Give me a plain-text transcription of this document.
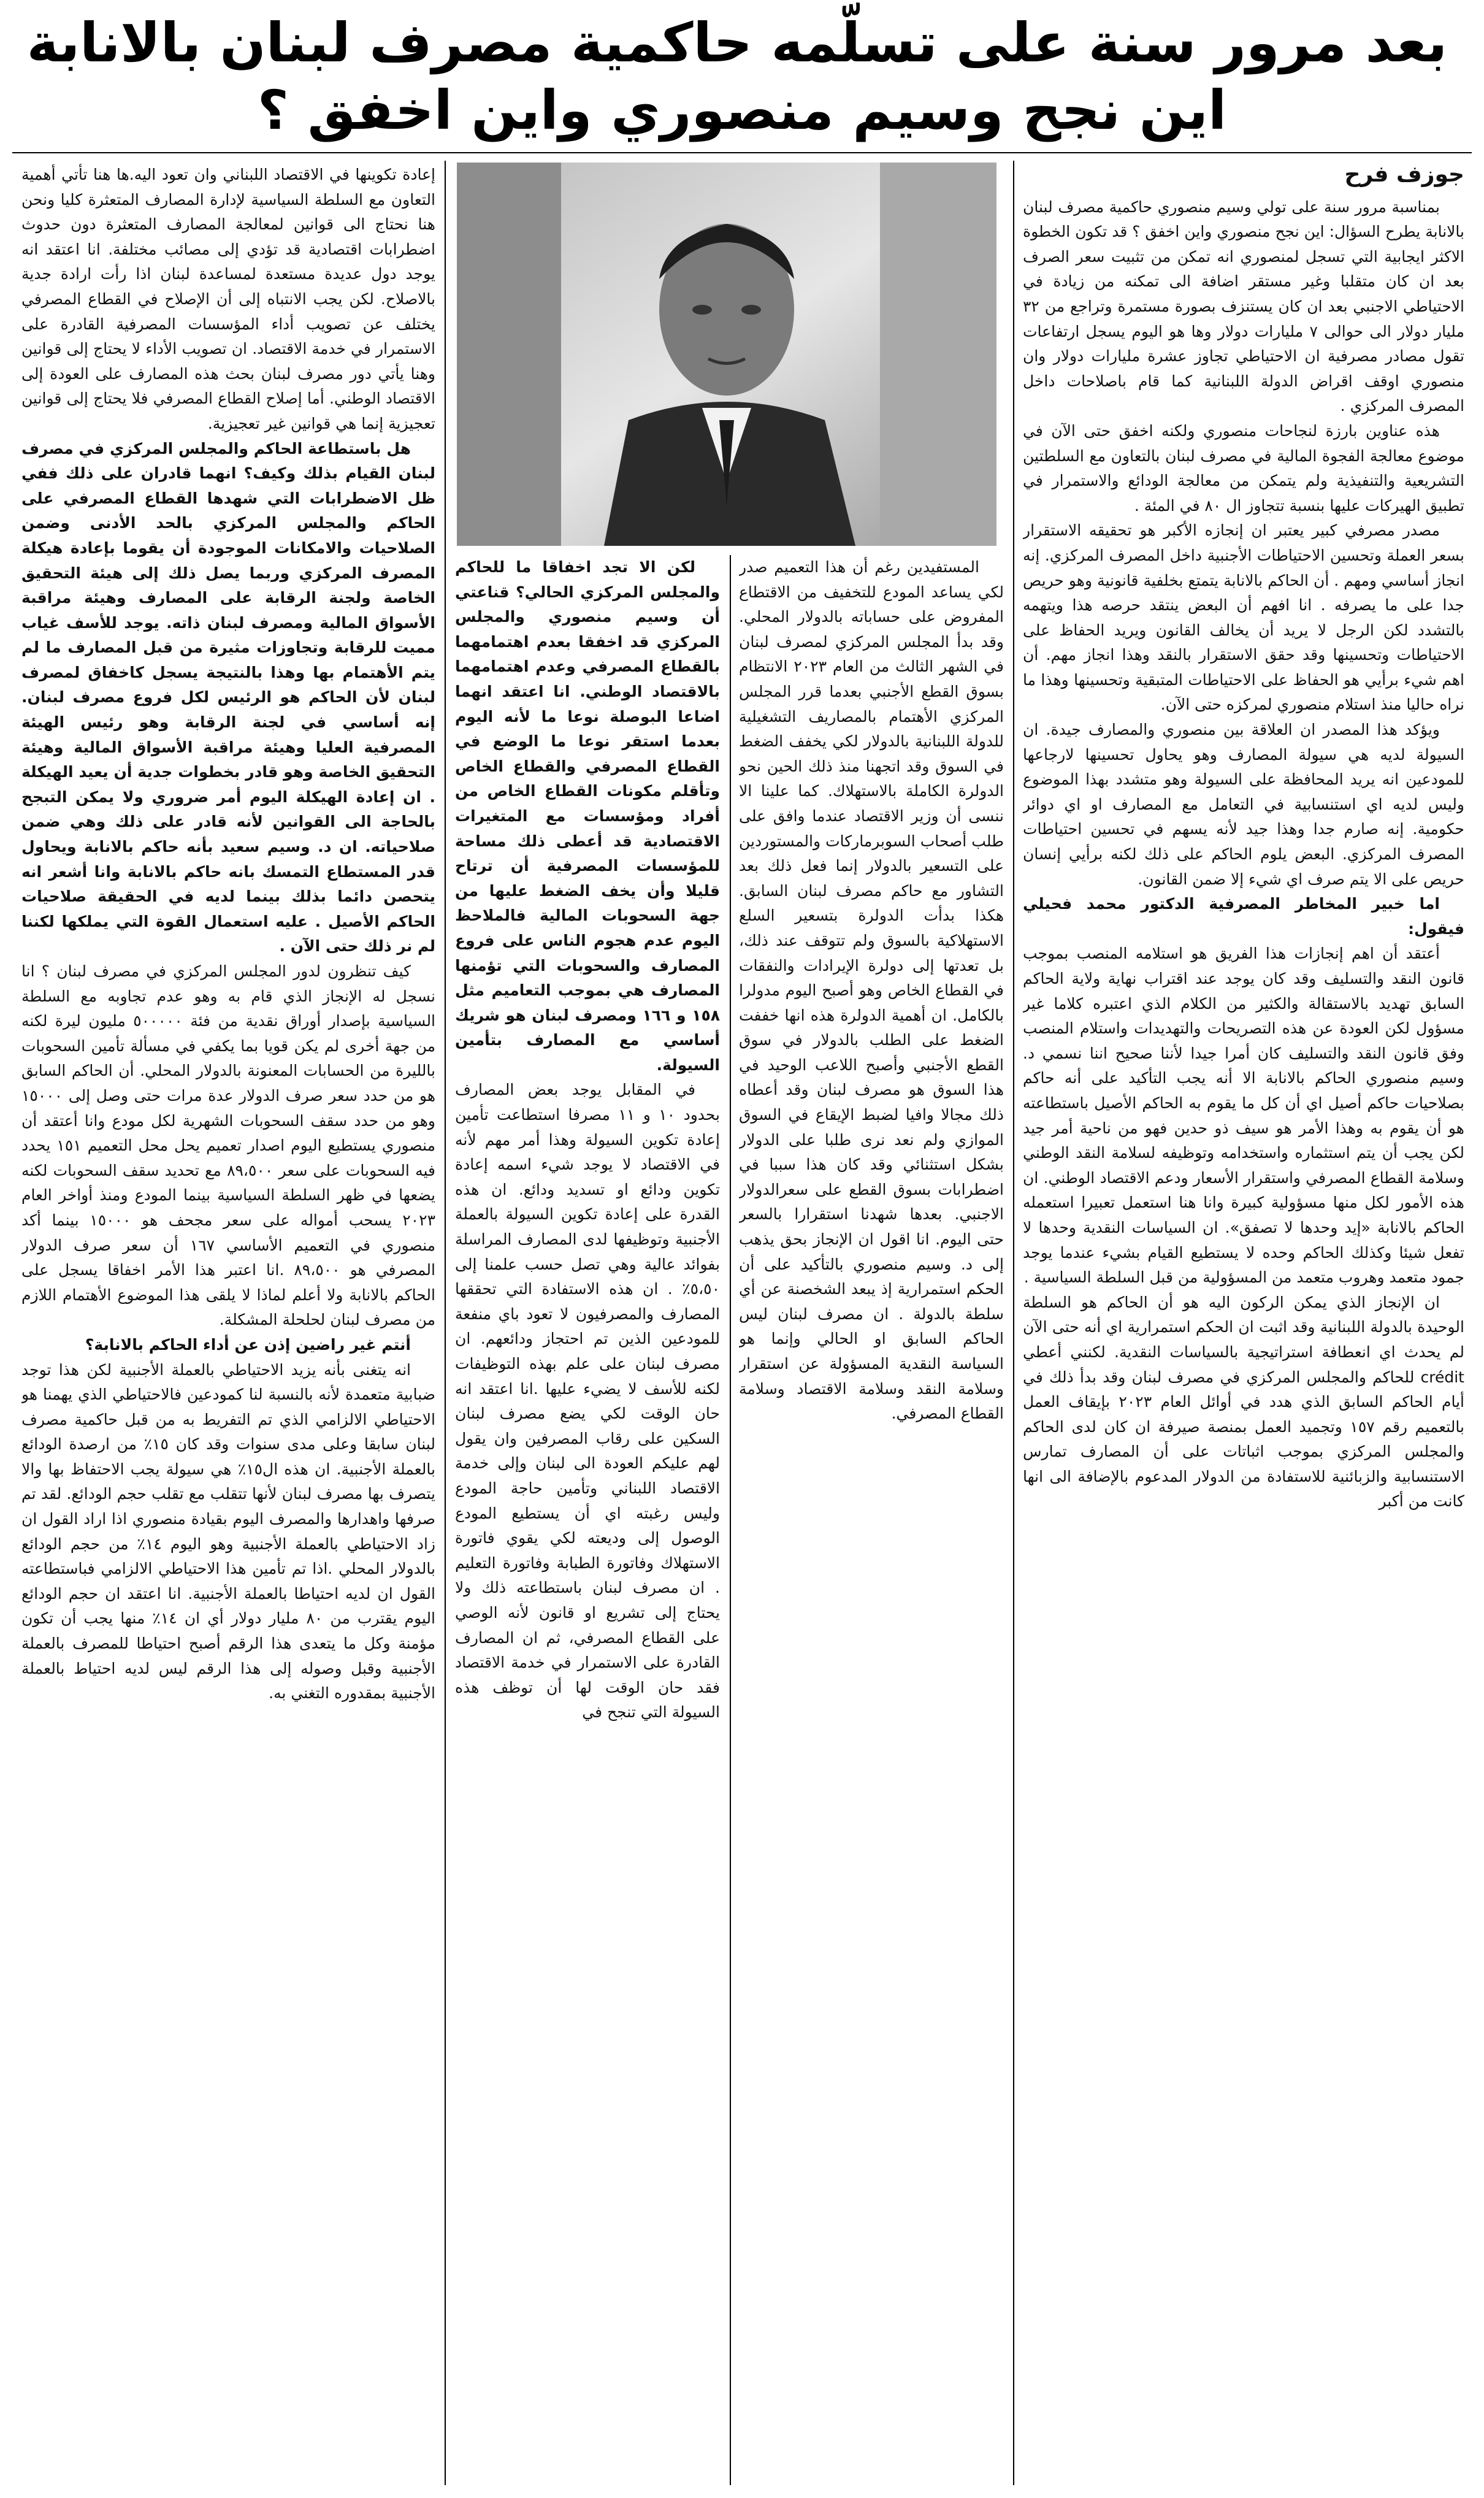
بعد مرور سنة على تسلّمه حاكمية مصرف لبنان بالانابة
اين نجح وسيم منصوري واين اخفق ؟
جوزف فرح

بمناسبة مرور سنة على تولي وسيم منصوري حاكمية مصرف لبنان بالانابة يطرح السؤال: اين نجح منصوري واين اخفق ؟ قد تكون الخطوة الاكثر ايجابية التي تسجل لمنصوري انه تمكن من تثبيت سعر الصرف بعد ان كان متقلبا وغير مستقر اضافة الى تمكنه من زيادة في الاحتياطي الاجنبي بعد ان كان يستنزف بصورة مستمرة وتراجع من ٣٢ مليار دولار الى حوالى ٧ مليارات دولار وها هو اليوم يسجل ارتفاعات تقول مصادر مصرفية ان الاحتياطي تجاوز عشرة مليارات دولار وان منصوري اوقف اقراض الدولة اللبنانية كما قام باصلاحات داخل المصرف المركزي .

هذه عناوين بارزة لنجاحات منصوري ولكنه اخفق حتى الآن في موضوع معالجة الفجوة المالية في مصرف لبنان بالتعاون مع السلطتين التشريعية والتنفيذية ولم يتمكن من معالجة الودائع والاستمرار في تطبيق الهيركات عليها بنسبة تتجاوز ال ٨٠ في المئة .

مصدر مصرفي كبير يعتبر ان إنجازه الأكبر هو تحقيقه الاستقرار بسعر العملة وتحسين الاحتياطات الأجنبية داخل المصرف المركزي. إنه انجاز أساسي ومهم . أن الحاكم بالانابة يتمتع بخلفية قانونية وهو حريص جدا على ما يصرفه . انا افهم أن البعض ينتقد حرصه هذا ويتهمه بالتشدد لكن الرجل لا يريد أن يخالف القانون ويريد الحفاظ على الاحتياطات وتحسينها وقد حقق الاستقرار بالنقد وهذا انجاز مهم. أن اهم شيء برأيي هو الحفاظ على الاحتياطات المتبقية وتحسينها وهذا ما نراه حاليا منذ استلام منصوري لمركزه حتى الآن.

ويؤكد هذا المصدر ان العلاقة بين منصوري والمصارف جيدة. ان السيولة لديه هي سيولة المصارف وهو يحاول تحسينها لارجاعها للمودعين انه يريد المحافظة على السيولة وهو متشدد بهذا الموضوع وليس لديه اي استنسابية في التعامل مع المصارف او اي دوائر حكومية. إنه صارم جدا وهذا جيد لأنه يسهم في تحسين احتياطات المصرف المركزي. البعض يلوم الحاكم على ذلك لكنه برأيي إنسان حريص على الا يتم صرف اي شيء إلا ضمن القانون.

اما خبير المخاطر المصرفية الدكتور محمد فحيلي فيقول:

أعتقد أن اهم إنجازات هذا الفريق هو استلامه المنصب بموجب قانون النقد والتسليف وقد كان يوجد عند اقتراب نهاية ولاية الحاكم السابق تهديد بالاستقالة والكثير من الكلام الذي اعتبره كلاما غير مسؤول لكن العودة عن هذه التصريحات والتهديدات واستلام المنصب وفق قانون النقد والتسليف كان أمرا جيدا لأننا صحيح اننا نسمي د. وسيم منصوري الحاكم بالانابة الا أنه يجب التأكيد على أنه حاكم بصلاحيات حاكم أصيل اي أن كل ما يقوم به الحاكم الأصيل باستطاعته هو أن يقوم به وهذا الأمر هو سيف ذو حدين فهو من ناحية أمر جيد لكن يجب أن يتم استثماره واستخدامه وتوظيفه لسلامة النقد الوطني وسلامة القطاع المصرفي واستقرار الأسعار ودعم الاقتصاد الوطني. ان هذه الأمور لكل منها مسؤولية كبيرة وانا هنا استعمل تعبيرا استعمله الحاكم بالانابة «إيد وحدها لا تصفق». ان السياسات النقدية وحدها لا تفعل شيئا وكذلك الحاكم وحده لا يستطيع القيام بشيء عندما يوجد جمود متعمد وهروب متعمد من المسؤولية من قبل السلطة السياسية .

ان الإنجاز الذي يمكن الركون اليه هو أن الحاكم هو السلطة الوحيدة بالدولة اللبنانية وقد اثبت ان الحكم استمرارية اي أنه حتى الآن لم يحدث اي انعطافة استراتيجية بالسياسات النقدية. لكنني أعطي crédit للحاكم والمجلس المركزي في مصرف لبنان وقد بدأ ذلك في أيام الحاكم السابق الذي هدد في أوائل العام ٢٠٢٣ بإيقاف العمل بالتعميم رقم ١٥٧ وتجميد العمل بمنصة صيرفة ان كان لدى الحاكم والمجلس المركزي بموجب اثباتات على أن المصارف تمارس الاستنسابية والزبائنية للاستفادة من الدولار المدعوم بالإضافة الى انها كانت من أكبر

المستفيدين رغم أن هذا التعميم صدر لكي يساعد المودع للتخفيف من الاقتطاع المفروض على حساباته بالدولار المحلي. وقد بدأ المجلس المركزي لمصرف لبنان في الشهر الثالث من العام ٢٠٢٣ الانتظام بسوق القطع الأجنبي بعدما قرر المجلس المركزي الأهتمام بالمصاريف التشغيلية للدولة اللبنانية بالدولار لكي يخفف الضغط في السوق وقد اتجهنا منذ ذلك الحين نحو الدولرة الكاملة بالاستهلاك. كما علينا الا ننسى أن وزير الاقتصاد عندما وافق على طلب أصحاب السوبرماركات والمستوردين على التسعير بالدولار إنما فعل ذلك بعد التشاور مع حاكم مصرف لبنان السابق. هكذا بدأت الدولرة بتسعير السلع الاستهلاكية بالسوق ولم تتوقف عند ذلك، بل تعدتها إلى دولرة الإيرادات والنفقات في القطاع الخاص وهو أصبح اليوم مدولرا بالكامل. ان أهمية الدولرة هذه انها خففت الضغط على الطلب بالدولار في سوق القطع الأجنبي وأصبح اللاعب الوحيد في هذا السوق هو مصرف لبنان وقد أعطاه ذلك مجالا وافيا لضبط الإيقاع في السوق الموازي ولم نعد نرى طلبا على الدولار بشكل استثنائي وقد كان هذا سببا في اضطرابات بسوق القطع على سعرالدولار الاجنبي. بعدها شهدنا استقرارا بالسعر حتى اليوم. انا اقول ان الإنجاز بحق يذهب إلى د. وسيم منصوري بالتأكيد على أن الحكم استمرارية إذ يبعد الشخصنة عن أي سلطة بالدولة . ان مصرف لبنان ليس الحاكم السابق او الحالي وإنما هو السياسة النقدية المسؤولة عن استقرار وسلامة النقد وسلامة الاقتصاد وسلامة القطاع المصرفي.

لكن الا تجد اخفاقا ما للحاكم والمجلس المركزي الحالي؟ قناعتي أن وسيم منصوري والمجلس المركزي قد اخفقا بعدم اهتمامهما بالقطاع المصرفي وعدم اهتمامهما بالاقتصاد الوطني. انا اعتقد انهما اضاعا البوصلة نوعا ما لأنه اليوم بعدما استقر نوعا ما الوضع في القطاع المصرفي والقطاع الخاص وتأقلم مكونات القطاع الخاص من أفراد ومؤسسات مع المتغيرات الاقتصادية قد أعطى ذلك مساحة للمؤسسات المصرفية أن ترتاح قليلا وأن يخف الضغط عليها من جهة السحوبات المالية فالملاحظ اليوم عدم هجوم الناس على فروع المصارف والسحوبات التي تؤمنها المصارف هي بموجب التعاميم مثل ١٥٨ و ١٦٦ ومصرف لبنان هو شريك أساسي مع المصارف بتأمين السيولة.

في المقابل يوجد بعض المصارف بحدود ١٠ و ١١ مصرفا استطاعت تأمين إعادة تكوين السيولة وهذا أمر مهم لأنه في الاقتصاد لا يوجد شيء اسمه إعادة تكوين ودائع او تسديد ودائع. ان هذه القدرة على إعادة تكوين السيولة بالعملة الأجنبية وتوظيفها لدى المصارف المراسلة بفوائد عالية وهي تصل حسب علمنا إلى ٥،٥٠٪ . ان هذه الاستفادة التي تحققها المصارف والمصرفيون لا تعود باي منفعة للمودعين الذين تم احتجاز ودائعهم. ان مصرف لبنان على علم بهذه التوظيفات لكنه للأسف لا يضيء عليها .انا اعتقد انه حان الوقت لكي يضع مصرف لبنان السكين على رقاب المصرفين وان يقول لهم عليكم العودة الى لبنان وإلى خدمة الاقتصاد اللبناني وتأمين حاجة المودع وليس رغبته اي أن يستطيع المودع الوصول إلى وديعته لكي يقوي فاتورة الاستهلاك وفاتورة الطبابة وفاتورة التعليم . ان مصرف لبنان باستطاعته ذلك ولا يحتاج إلى تشريع او قانون لأنه الوصي على القطاع المصرفي، ثم ان المصارف القادرة على الاستمرار في خدمة الاقتصاد فقد حان الوقت لها أن توظف هذه السيولة التي تنجح في

إعادة تكوينها في الاقتصاد اللبناني وان تعود اليه.ها هنا تأتي أهمية التعاون مع السلطة السياسية لإدارة المصارف المتعثرة كليا ونحن هنا نحتاج الى قوانين لمعالجة المصارف المتعثرة دون حدوث اضطرابات اقتصادية قد تؤدي إلى مصائب مختلفة. انا اعتقد انه يوجد دول عديدة مستعدة لمساعدة لبنان اذا رأت ارادة جدية بالاصلاح. لكن يجب الانتباه إلى أن الإصلاح في القطاع المصرفي يختلف عن تصويب أداء المؤسسات المصرفية القادرة على الاستمرار في خدمة الاقتصاد. ان تصويب الأداء لا يحتاج إلى قوانين وهنا يأتي دور مصرف لبنان بحث هذه المصارف على العودة إلى الاقتصاد الوطني. أما إصلاح القطاع المصرفي فلا يحتاج إلى قوانين تعجيزية إنما هي قوانين غير تعجيزية.

هل باستطاعة الحاكم والمجلس المركزي في مصرف لبنان القيام بذلك وكيف؟ انهما قادران على ذلك ففي ظل الاضطرابات التي شهدها القطاع المصرفي على الحاكم والمجلس المركزي بالحد الأدنى وضمن الصلاحيات والامكانات الموجودة أن يقوما بإعادة هيكلة المصرف المركزي وربما يصل ذلك إلى هيئة التحقيق الخاصة ولجنة الرقابة على المصارف وهيئة مراقبة الأسواق المالية ومصرف لبنان ذاته. يوجد للأسف غياب مميت للرقابة وتجاوزات مثيرة من قبل المصارف ما لم يتم الأهتمام بها وهذا بالنتيجة يسجل كاخفاق لمصرف لبنان لأن الحاكم هو الرئيس لكل فروع مصرف لبنان. إنه أساسي في لجنة الرقابة وهو رئيس الهيئة المصرفية العليا وهيئة مراقبة الأسواق المالية وهيئة التحقيق الخاصة وهو قادر بخطوات جدية أن يعيد الهيكلة . ان إعادة الهيكلة اليوم أمر ضروري ولا يمكن التبجح بالحاجة الى القوانين لأنه قادر على ذلك وهي ضمن صلاحياته. ان د. وسيم سعيد بأنه حاكم بالانابة ويحاول قدر المستطاع التمسك بانه حاكم بالانابة وانا أشعر انه يتحصن دائما بذلك بينما لديه في الحقيقة صلاحيات الحاكم الأصيل . عليه استعمال القوة التي يملكها لكننا لم نر ذلك حتى الآن .

كيف تنظرون لدور المجلس المركزي في مصرف لبنان ؟ انا نسجل له الإنجاز الذي قام به وهو عدم تجاوبه مع السلطة السياسية بإصدار أوراق نقدية من فئة ٥٠٠٠٠٠ مليون ليرة لكنه من جهة أخرى لم يكن قويا بما يكفي في مسألة تأمين السحوبات بالليرة من الحسابات المعنونة بالدولار المحلي. أن الحاكم السابق هو من حدد سعر صرف الدولار عدة مرات حتى وصل إلى ١٥٠٠٠ وهو من حدد سقف السحوبات الشهرية لكل مودع وانا أعتقد أن منصوري يستطيع اليوم اصدار تعميم يحل محل التعميم ١٥١ يحدد فيه السحوبات على سعر ٨٩،٥٠٠ مع تحديد سقف السحوبات لكنه يضعها في ظهر السلطة السياسية بينما المودع ومنذ أواخر العام ٢٠٢٣ يسحب أمواله على سعر مجحف هو ١٥٠٠٠ بينما أكد منصوري في التعميم الأساسي ١٦٧ أن سعر صرف الدولار المصرفي هو ٨٩،٥٠٠ .انا اعتبر هذا الأمر اخفاقا يسجل على الحاكم بالانابة ولا أعلم لماذا لا يلقى هذا الموضوع الأهتمام اللازم من مصرف لبنان لحلحلة المشكلة.

أنتم غير راضين إذن عن أداء الحاكم بالانابة؟

انه يتغنى بأنه يزيد الاحتياطي بالعملة الأجنبية لكن هذا توجد ضبابية متعمدة لأنه بالنسبة لنا كمودعين فالاحتياطي الذي يهمنا هو الاحتياطي الالزامي الذي تم التفريط به من قبل حاكمية مصرف لبنان سابقا وعلى مدى سنوات وقد كان ١٥٪ من ارصدة الودائع بالعملة الأجنبية. ان هذه ال١٥٪ هي سيولة يجب الاحتفاظ بها والا يتصرف بها مصرف لبنان لأنها تتقلب مع تقلب حجم الودائع. لقد تم صرفها واهدارها والمصرف اليوم بقيادة منصوري اذا اراد القول ان زاد الاحتياطي بالعملة الأجنبية وهو اليوم ١٤٪ من حجم الودائع بالدولار المحلي .اذا تم تأمين هذا الاحتياطي الالزامي فباستطاعته القول ان لديه احتياطا بالعملة الأجنبية. انا اعتقد ان حجم الودائع اليوم يقترب من ٨٠ مليار دولار أي ان ١٤٪ منها يجب أن تكون مؤمنة وكل ما يتعدى هذا الرقم أصبح احتياطا للمصرف بالعملة الأجنبية وقبل وصوله إلى هذا الرقم ليس لديه احتياط بالعملة الأجنبية بمقدوره التغني به.
